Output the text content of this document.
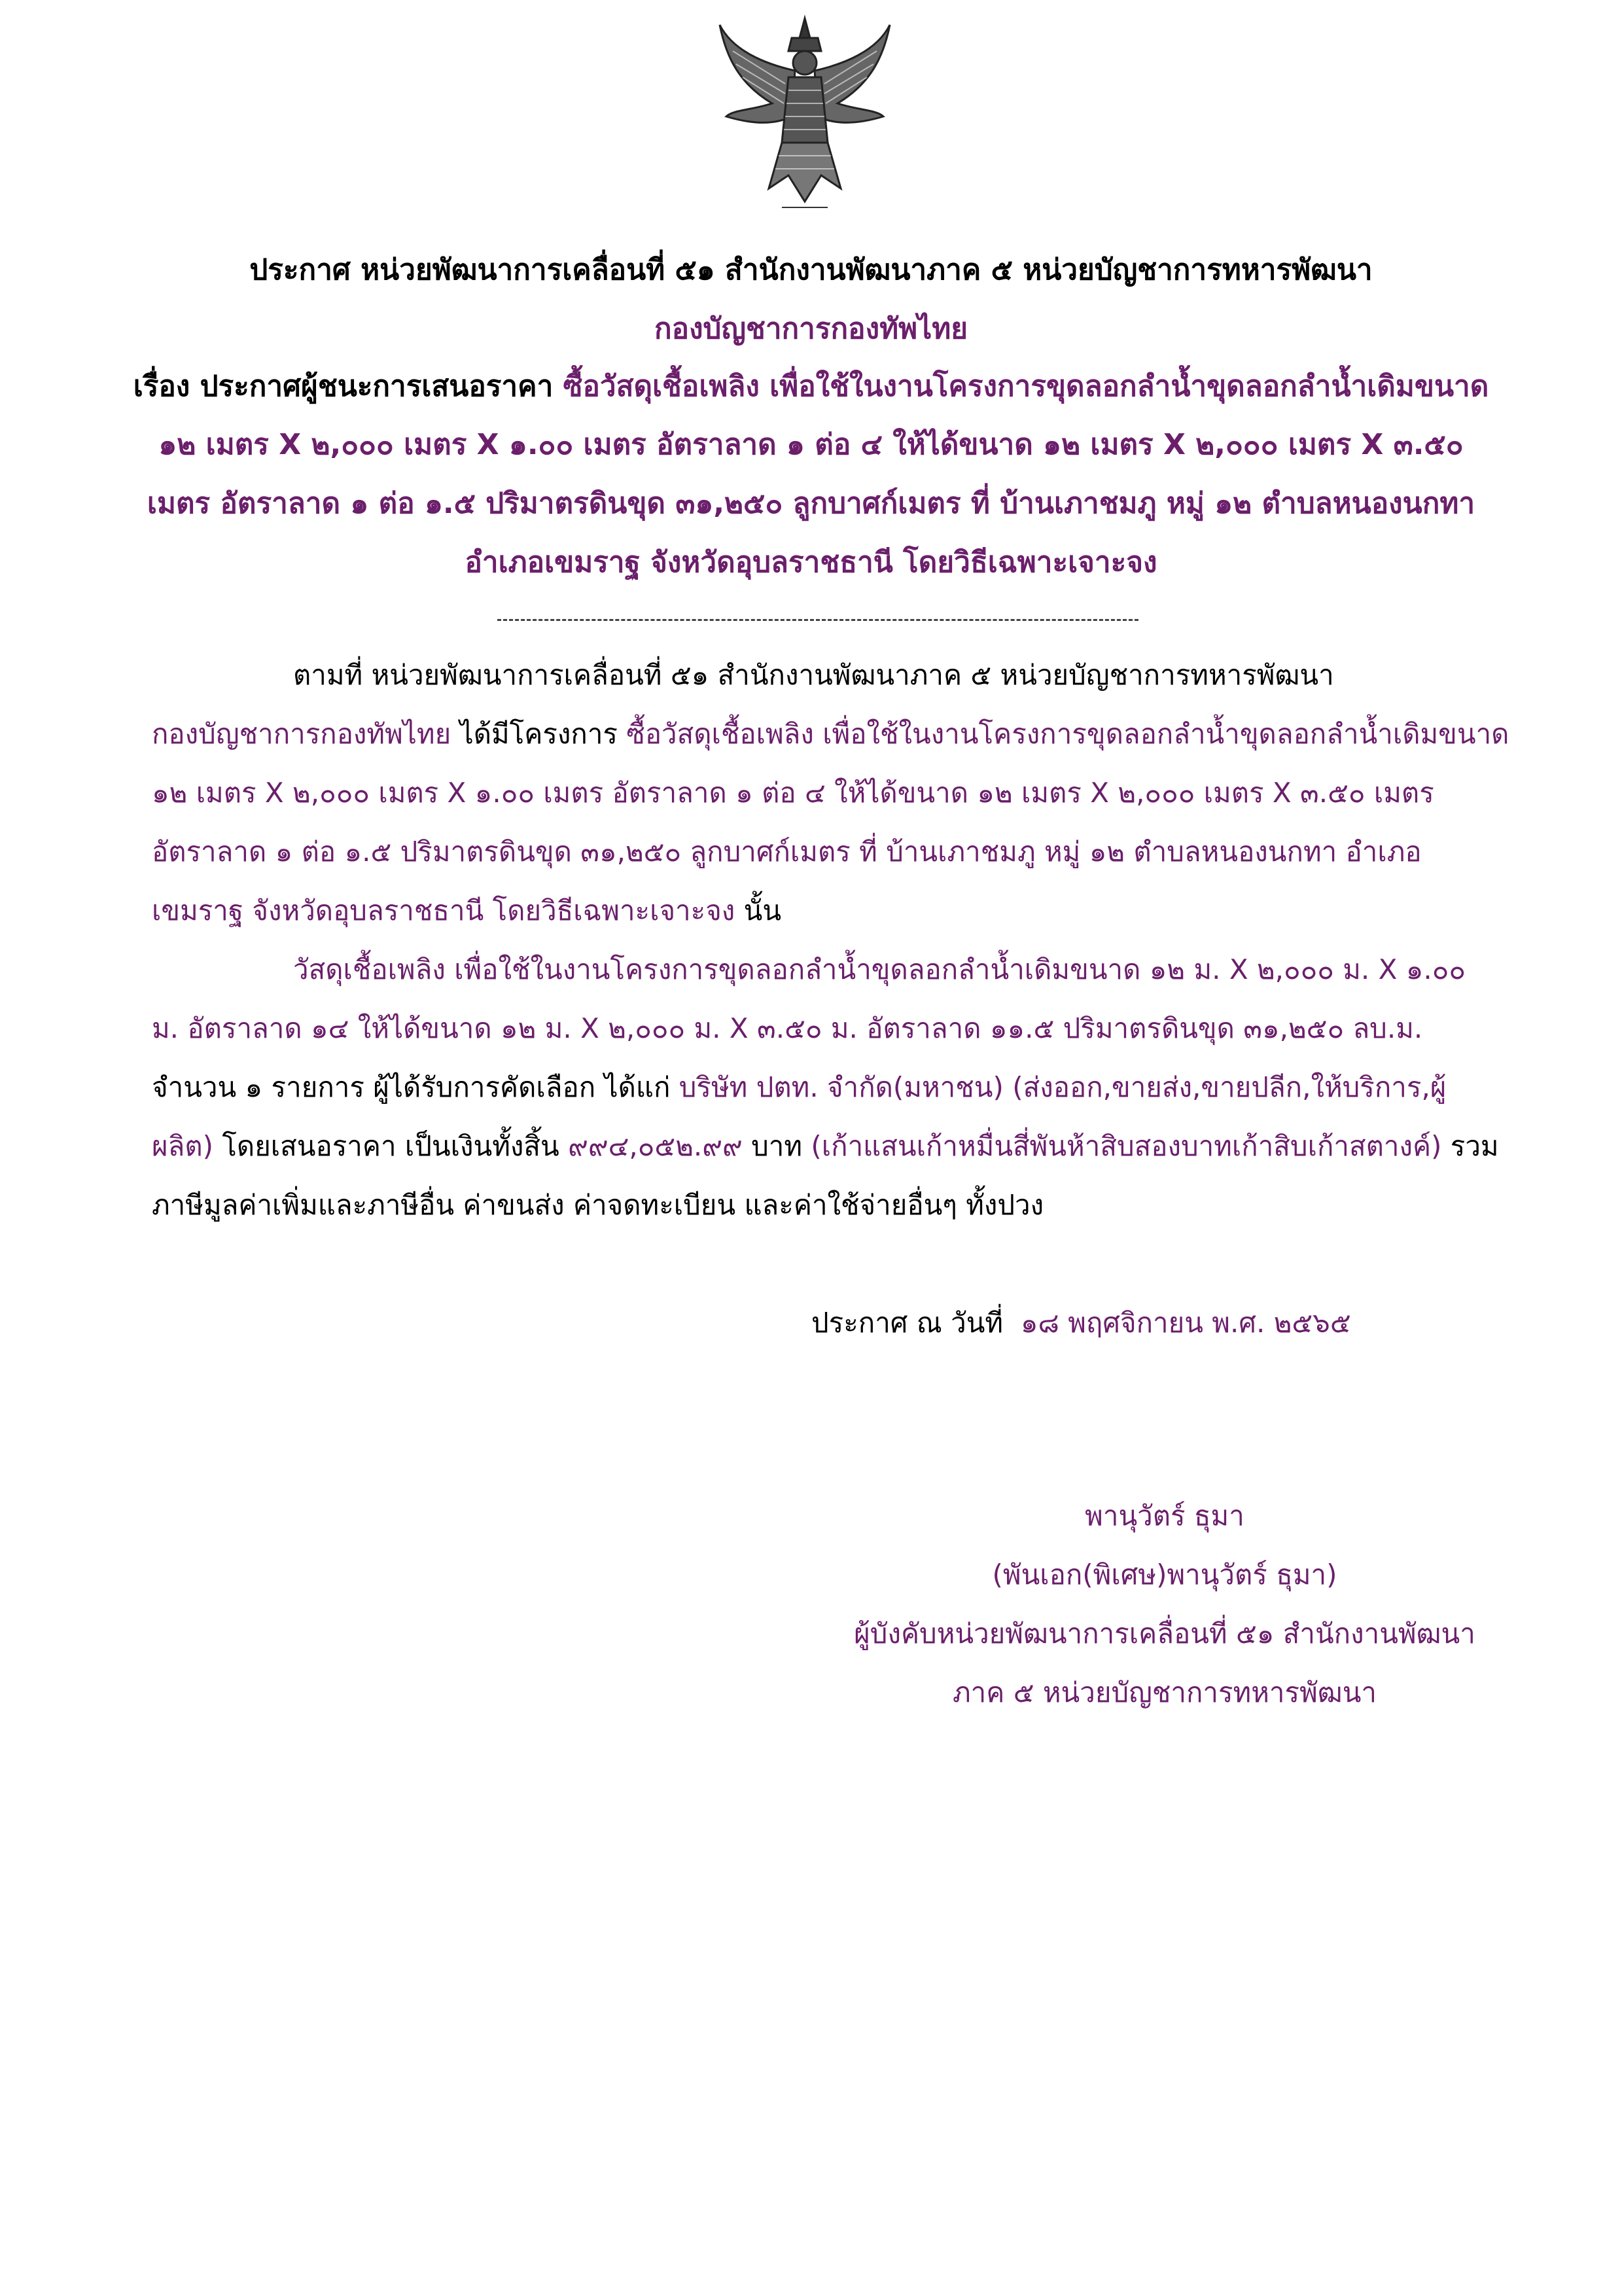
ประกาศ หน่วยพัฒนาการเคลื่อนที่ ๕๑ สำนักงานพัฒนาภาค ๕ หน่วยบัญชาการทหารพัฒนา
กองบัญชาการกองทัพไทย
เรื่อง ประกาศผู้ชนะการเสนอราคา ซื้อวัสดุเชื้อเพลิง เพื่อใช้ในงานโครงการขุดลอกลำน้ำขุดลอกลำน้ำเดิมขนาด
๑๒ เมตร X ๒,๐๐๐ เมตร X ๑.๐๐ เมตร อัตราลาด ๑ ต่อ ๔ ให้ได้ขนาด ๑๒ เมตร X ๒,๐๐๐ เมตร X ๓.๕๐
เมตร อัตราลาด ๑ ต่อ ๑.๕ ปริมาตรดินขุด ๓๑,๒๕๐ ลูกบาศก์เมตร ที่ บ้านเภาชมภู หมู่ ๑๒ ตำบลหนองนกทา
อำเภอเขมราฐ จังหวัดอุบลราชธานี โดยวิธีเฉพาะเจาะจง
ตามที่ หน่วยพัฒนาการเคลื่อนที่ ๕๑ สำนักงานพัฒนาภาค ๕ หน่วยบัญชาการทหารพัฒนา
กองบัญชาการกองทัพไทย ได้มีโครงการ ซื้อวัสดุเชื้อเพลิง เพื่อใช้ในงานโครงการขุดลอกลำน้ำขุดลอกลำน้ำเดิมขนาด
๑๒ เมตร X ๒,๐๐๐ เมตร X ๑.๐๐ เมตร อัตราลาด ๑ ต่อ ๔ ให้ได้ขนาด ๑๒ เมตร X ๒,๐๐๐ เมตร X ๓.๕๐ เมตร
อัตราลาด ๑ ต่อ ๑.๕ ปริมาตรดินขุด ๓๑,๒๕๐ ลูกบาศก์เมตร ที่ บ้านเภาชมภู หมู่ ๑๒ ตำบลหนองนกทา อำเภอ
เขมราฐ จังหวัดอุบลราชธานี โดยวิธีเฉพาะเจาะจง นั้น
วัสดุเชื้อเพลิง เพื่อใช้ในงานโครงการขุดลอกลำน้ำขุดลอกลำน้ำเดิมขนาด ๑๒ ม. X ๒,๐๐๐ ม. X ๑.๐๐
ม. อัตราลาด ๑๔ ให้ได้ขนาด ๑๒ ม. X ๒,๐๐๐ ม. X ๓.๕๐ ม. อัตราลาด ๑๑.๕ ปริมาตรดินขุด ๓๑,๒๕๐ ลบ.ม.
จำนวน ๑ รายการ ผู้ได้รับการคัดเลือก ได้แก่ บริษัท ปตท. จำกัด(มหาชน) (ส่งออก,ขายส่ง,ขายปลีก,ให้บริการ,ผู้
ผลิต) โดยเสนอราคา เป็นเงินทั้งสิ้น ๙๙๔,๐๕๒.๙๙ บาท (เก้าแสนเก้าหมื่นสี่พันห้าสิบสองบาทเก้าสิบเก้าสตางค์) รวม
ภาษีมูลค่าเพิ่มและภาษีอื่น ค่าขนส่ง ค่าจดทะเบียน และค่าใช้จ่ายอื่นๆ ทั้งปวง
ประกาศ ณ วันที่ ๑๘ พฤศจิกายน พ.ศ. ๒๕๖๕
พานุวัตร์ ธุมา
(พันเอก(พิเศษ)พานุวัตร์ ธุมา)
ผู้บังคับหน่วยพัฒนาการเคลื่อนที่ ๕๑ สำนักงานพัฒนา
ภาค ๕ หน่วยบัญชาการทหารพัฒนา
